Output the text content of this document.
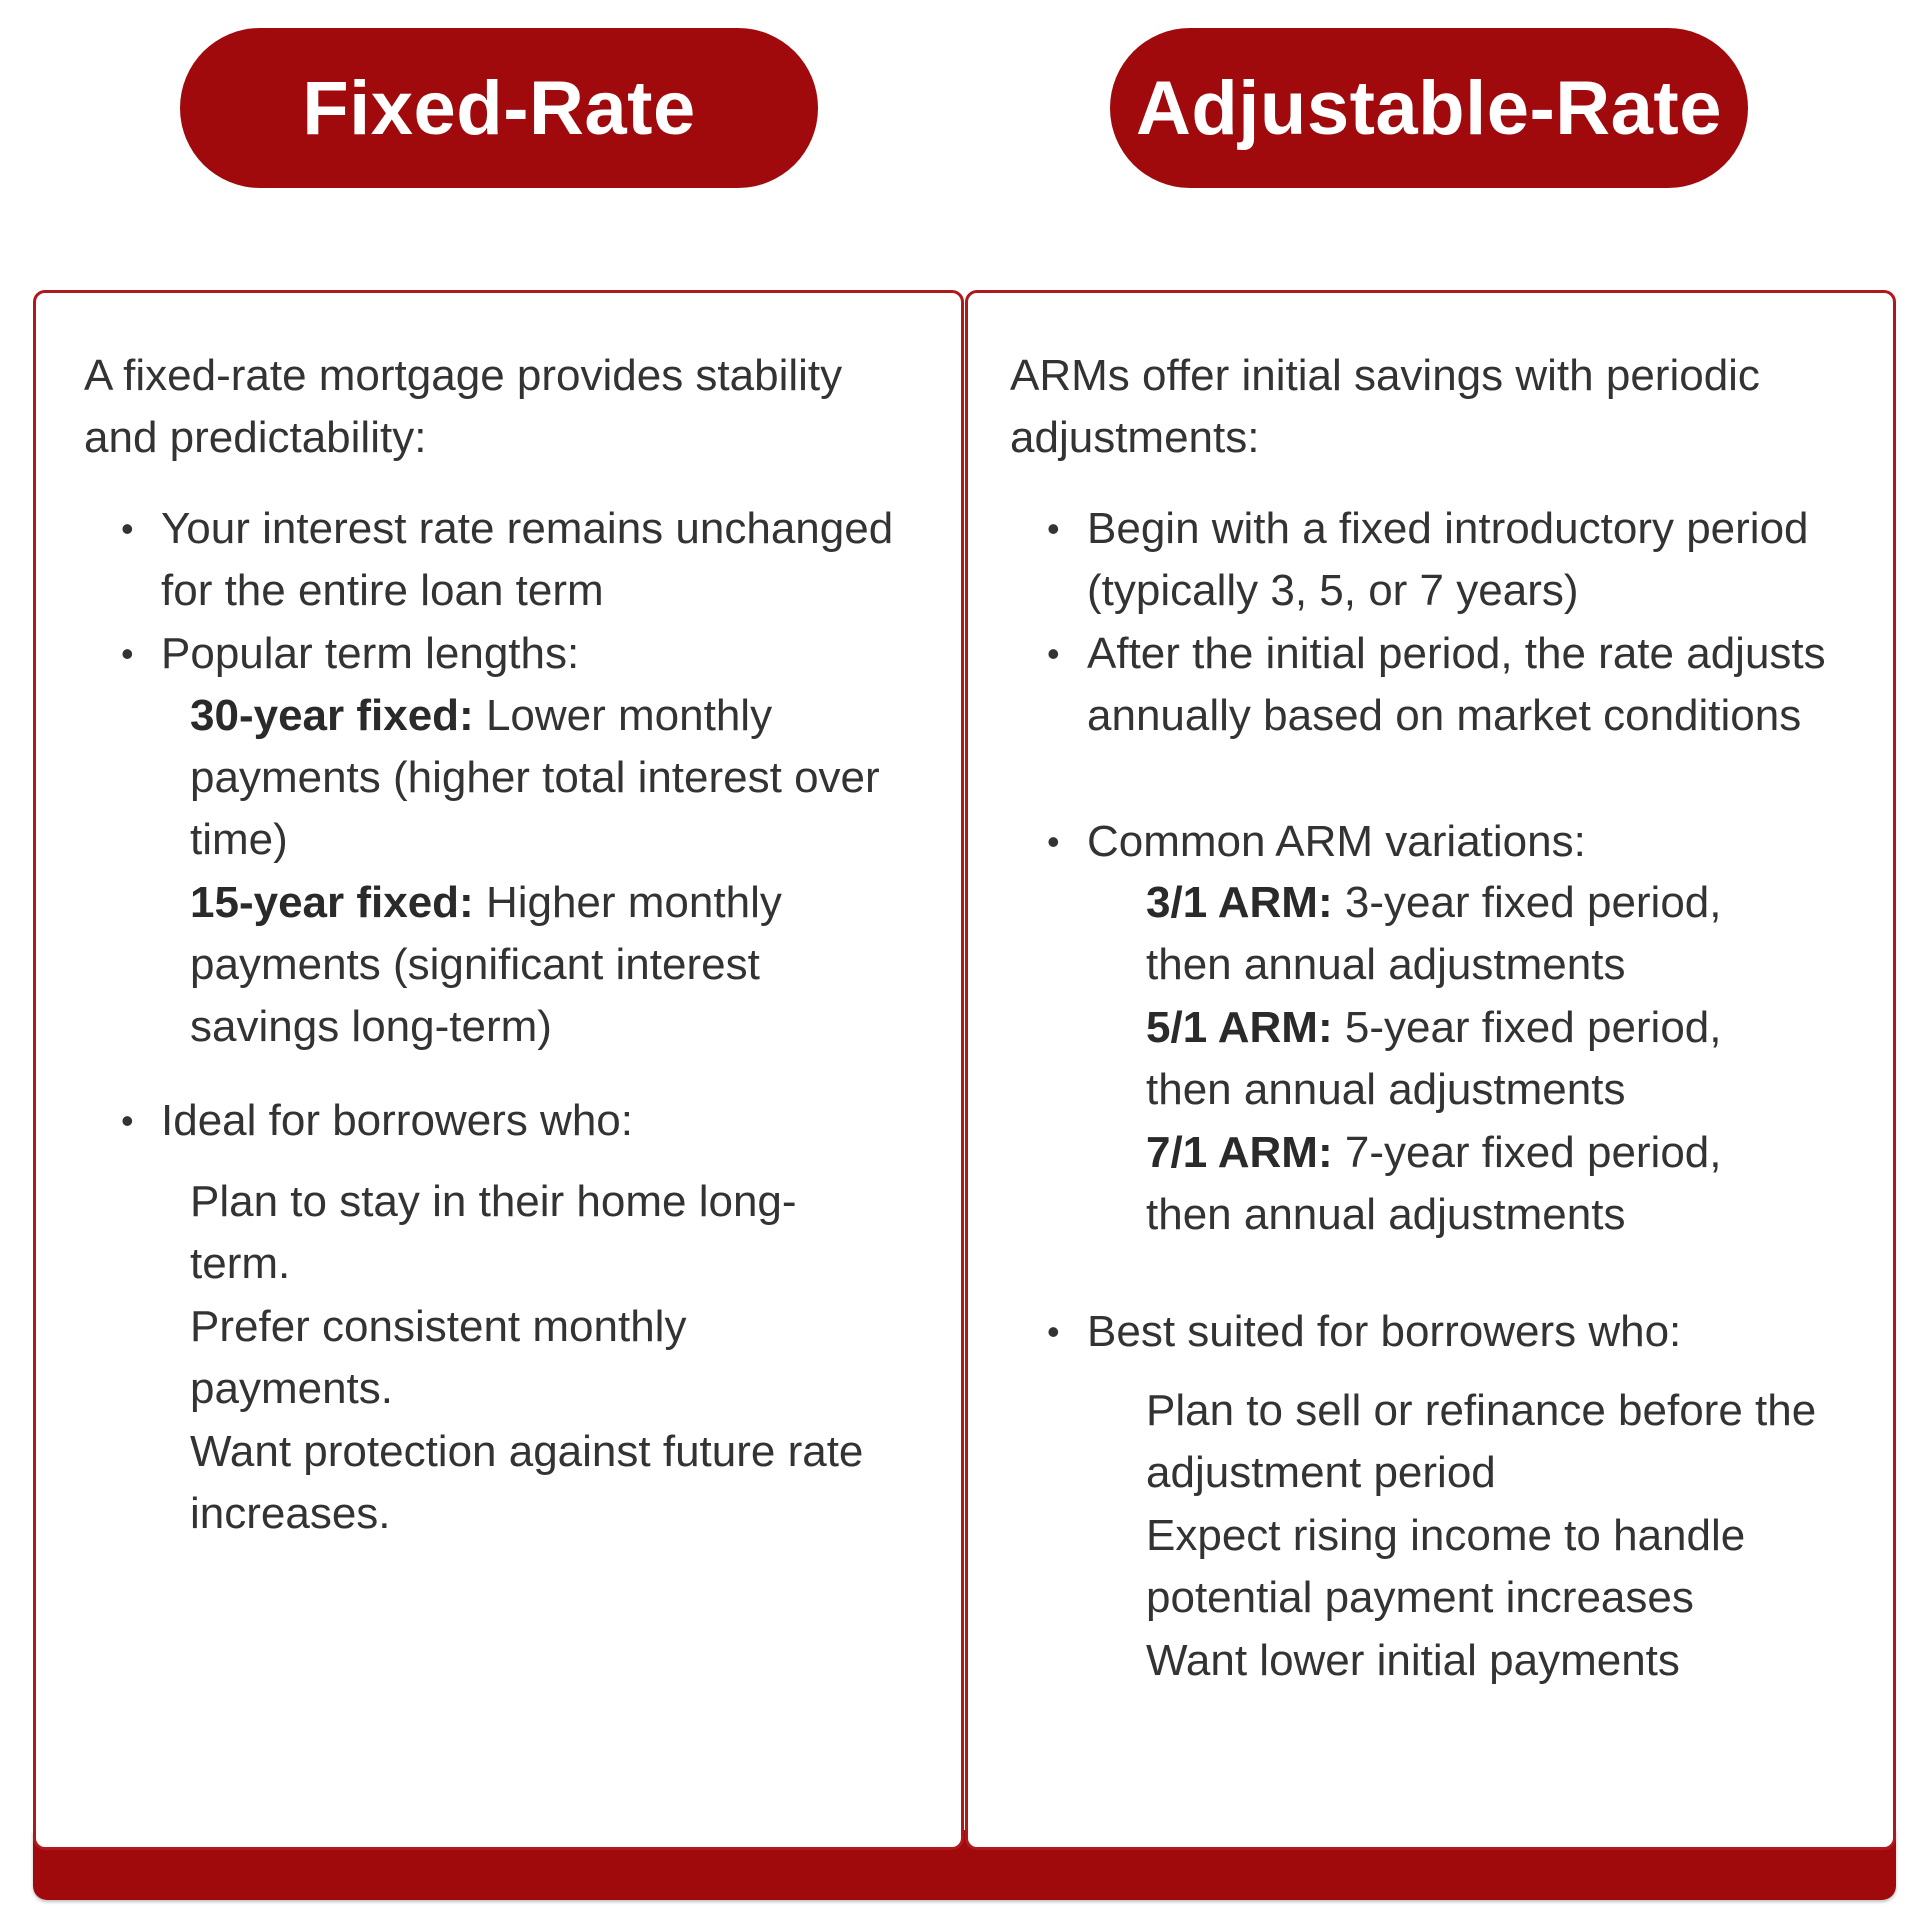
Fixed-Rate	Adjustable-Rate

A fixed-rate mortgage provides stability and predictability:

• Your interest rate remains unchanged for the entire loan term

• Popular term lengths:

30-year fixed: Lower monthly payments (higher total interest over time)

15-year fixed: Higher monthly payments (significant interest savings long-term)

• Ideal for borrowers who:

Plan to stay in their home long-term.

Prefer consistent monthly payments.

Want protection against future rate increases.

ARMs offer initial savings with periodic adjustments:

• Begin with a fixed introductory period (typically 3, 5, or 7 years)

• After the initial period, the rate adjusts annually based on market conditions

• Common ARM variations:

3/1 ARM: 3-year fixed period, then annual adjustments

5/1 ARM: 5-year fixed period, then annual adjustments

7/1 ARM: 7-year fixed period, then annual adjustments

• Best suited for borrowers who:

Plan to sell or refinance before the adjustment period

Expect rising income to handle potential payment increases

Want lower initial payments
